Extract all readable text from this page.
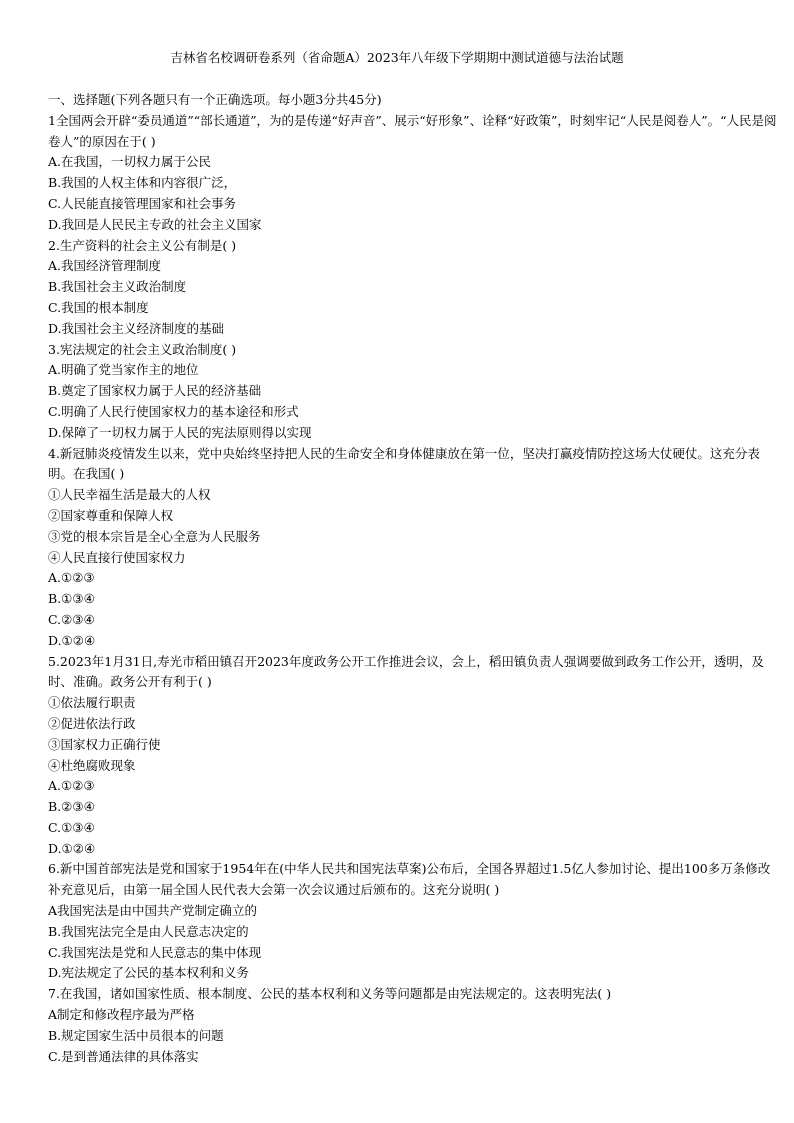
吉林省名校调研卷系列（省命题A）2023年八年级下学期期中测试道德与法治试题
一、选择题(下列各题只有一个正确选项。每小题3分共45分)
1全国两会开辟“委员通道”“部长通道”，为的是传递“好声音”、展示“好形象”、诠释“好政策”，时刻牢记“人民是阅卷人”。“人民是阅卷人”的原因在于( )
A.在我国，一切权力属于公民
B.我国的人权主体和内容很广泛，
C.人民能直接管理国家和社会事务
D.我回是人民民主专政的社会主义国家
2.生产资料的社会主义公有制是( )
A.我国经济管理制度
B.我国社会主义政治制度
C.我国的根本制度
D.我国社会主义经济制度的基础
3.宪法规定的社会主义政治制度( )
A.明确了党当家作主的地位
B.奠定了国家权力属于人民的经济基础
C.明确了人民行使国家权力的基本途径和形式
D.保障了一切权力属于人民的宪法原则得以实现
4.新冠肺炎疫情发生以来，党中央始终坚持把人民的生命安全和身体健康放在第一位，坚决打赢疫情防控这场大仗硬仗。这充分表明。在我国( )
①人民幸福生活是最大的人权
②国家尊重和保障人权
③党的根本宗旨是全心全意为人民服务
④人民直接行使国家权力
A.①②③
B.①③④
C.②③④
D.①②④
5.2023年1月31日,寿光市稻田镇召开2023年度政务公开工作推进会议，会上，稻田镇负责人强调要做到政务工作公开，透明，及时、准确。政务公开有利于( )
①依法履行职责
②促进依法行政
③国家权力正确行使
④杜绝腐败现象
A.①②③
B.②③④
C.①③④
D.①②④
6.新中国首部宪法是党和国家于1954年在(中华人民共和国宪法草案)公布后，全国各界超过1.5亿人参加讨论、提出100多万条修改补充意见后，由第一届全国人民代表大会第一次会议通过后颁布的。这充分说明( )
A我国宪法是由中国共产党制定确立的
B.我国宪法完全是由人民意志决定的
C.我国宪法是党和人民意志的集中体现
D.宪法规定了公民的基本权利和义务
7.在我国，诸如国家性质、根本制度、公民的基本权利和义务等问题都是由宪法规定的。这表明宪法( )
A制定和修改程序最为严格
B.规定国家生活中员很本的问题
C.是到普通法律的具体落实
